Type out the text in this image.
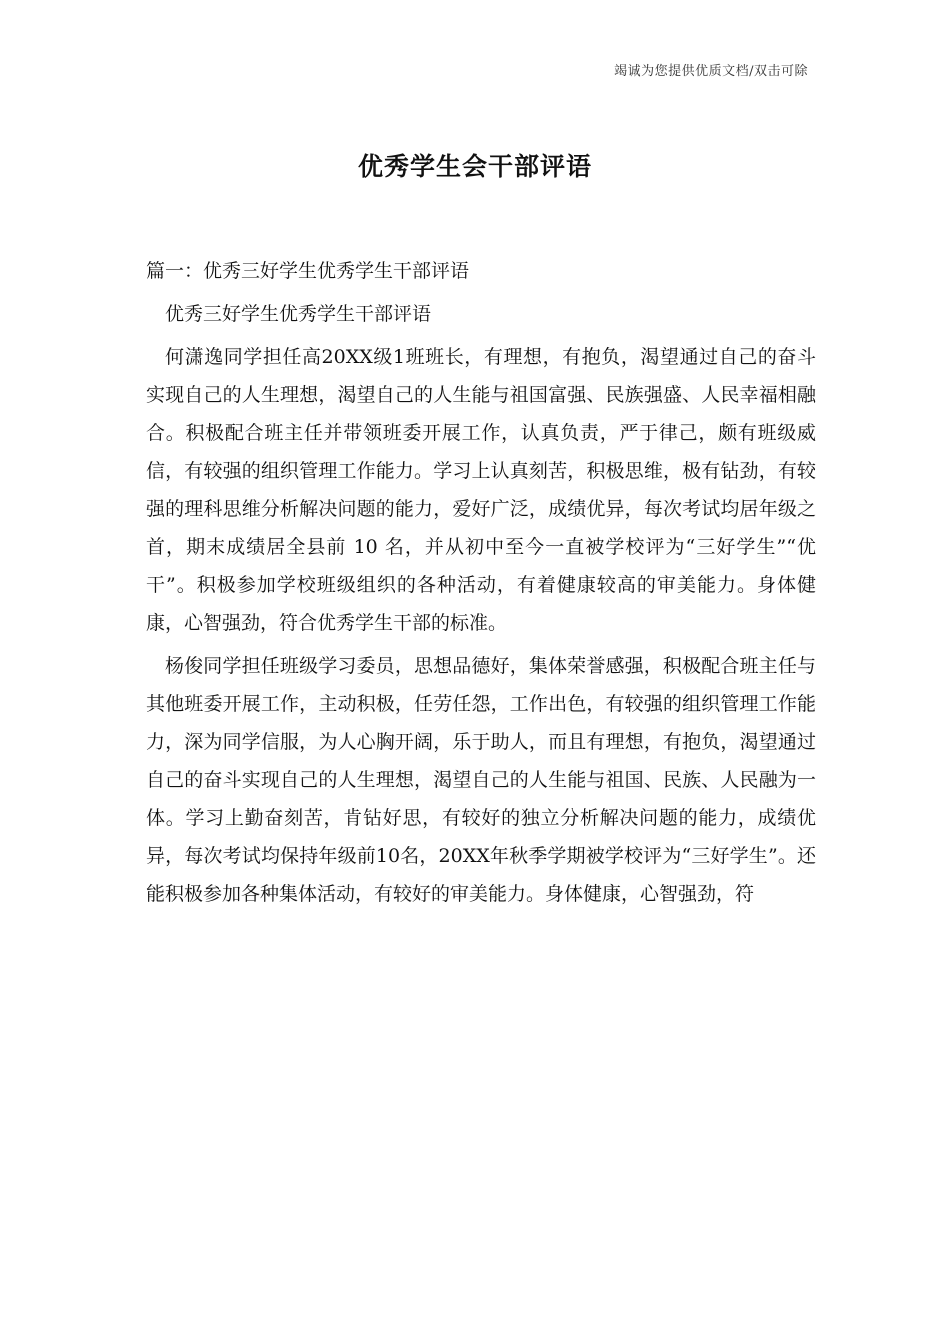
竭诚为您提供优质文档/双击可除
优秀学生会干部评语

篇一：优秀三好学生优秀学生干部评语

优秀三好学生优秀学生干部评语

何潇逸同学担任高20XX级1班班长，有理想，有抱负，渴望通过自己的奋斗实现自己的人生理想，渴望自己的人生能与祖国富强、民族强盛、人民幸福相融合。积极配合班主任并带领班委开展工作，认真负责，严于律己，颇有班级威信，有较强的组织管理工作能力。学习上认真刻苦，积极思维，极有钻劲，有较强的理科思维分析解决问题的能力，爱好广泛，成绩优异，每次考试均居年级之首，期末成绩居全县前 10 名，并从初中至今一直被学校评为“三好学生”“优干”。积极参加学校班级组织的各种活动，有着健康较高的审美能力。身体健康，心智强劲，符合优秀学生干部的标准。

杨俊同学担任班级学习委员，思想品德好，集体荣誉感强，积极配合班主任与其他班委开展工作，主动积极，任劳任怨，工作出色，有较强的组织管理工作能力，深为同学信服，为人心胸开阔，乐于助人，而且有理想，有抱负，渴望通过自己的奋斗实现自己的人生理想，渴望自己的人生能与祖国、民族、人民融为一体。学习上勤奋刻苦，肯钻好思，有较好的独立分析解决问题的能力，成绩优异，每次考试均保持年级前10名，20XX年秋季学期被学校评为“三好学生”。还能积极参加各种集体活动，有较好的审美能力。身体健康，心智强劲，符
